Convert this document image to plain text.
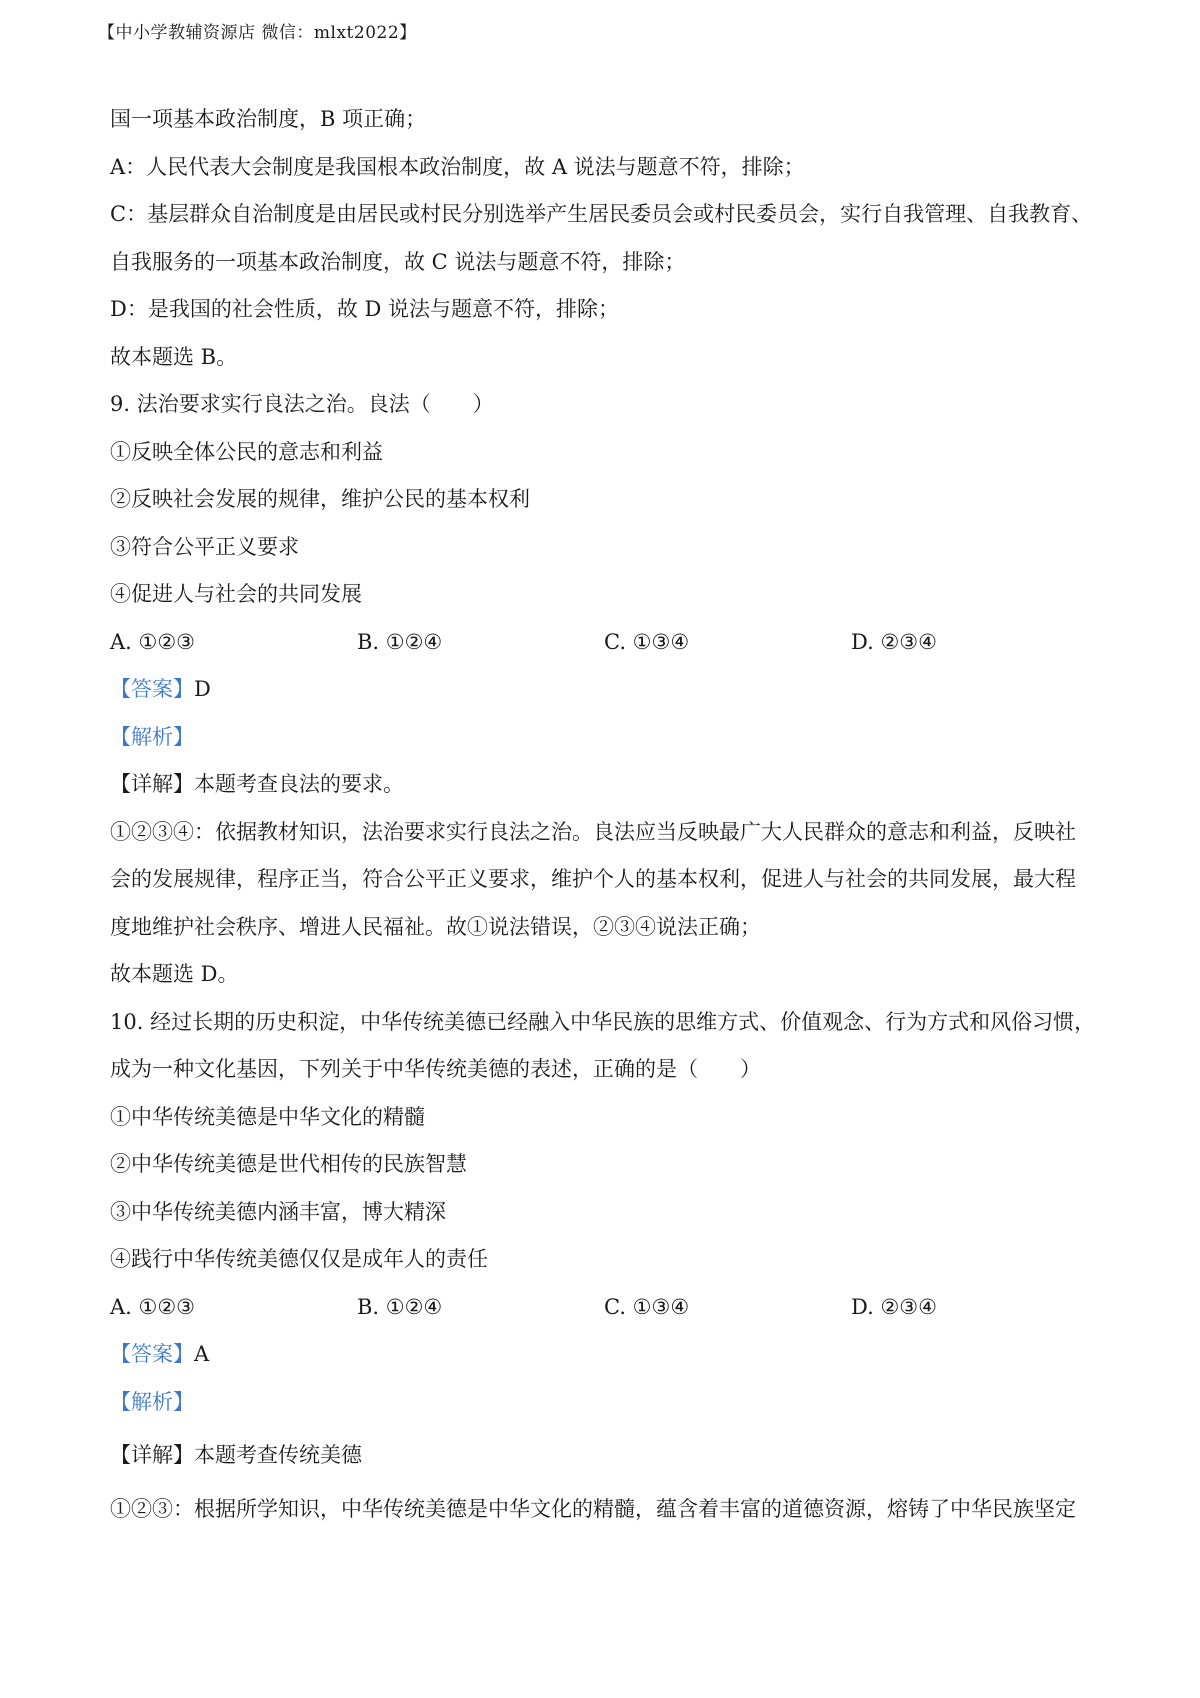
【中小学教辅资源店 微信：mlxt2022】

国一项基本政治制度，B 项正确；

A：人民代表大会制度是我国根本政治制度，故 A 说法与题意不符，排除；

C：基层群众自治制度是由居民或村民分别选举产生居民委员会或村民委员会，实行自我管理、自我教育、

自我服务的一项基本政治制度，故 C 说法与题意不符，排除；

D：是我国的社会性质，故 D 说法与题意不符，排除；

故本题选 B。

9. 法治要求实行良法之治。良法（　　）

①反映全体公民的意志和利益

②反映社会发展的规律，维护公民的基本权利

③符合公平正义要求

④促进人与社会的共同发展

A. ①②③	B. ①②④	C. ①③④	D. ②③④

【答案】D

【解析】

【详解】本题考查良法的要求。

①②③④：依据教材知识，法治要求实行良法之治。良法应当反映最广大人民群众的意志和利益，反映社

会的发展规律，程序正当，符合公平正义要求，维护个人的基本权利，促进人与社会的共同发展，最大程

度地维护社会秩序、增进人民福祉。故①说法错误，②③④说法正确；

故本题选 D。

10. 经过长期的历史积淀，中华传统美德已经融入中华民族的思维方式、价值观念、行为方式和风俗习惯，

成为一种文化基因，下列关于中华传统美德的表述，正确的是（　　）

①中华传统美德是中华文化的精髓

②中华传统美德是世代相传的民族智慧

③中华传统美德内涵丰富，博大精深

④践行中华传统美德仅仅是成年人的责任

A. ①②③	B. ①②④	C. ①③④	D. ②③④

【答案】A

【解析】

【详解】本题考查传统美德

①②③：根据所学知识，中华传统美德是中华文化的精髓，蕴含着丰富的道德资源，熔铸了中华民族坚定
